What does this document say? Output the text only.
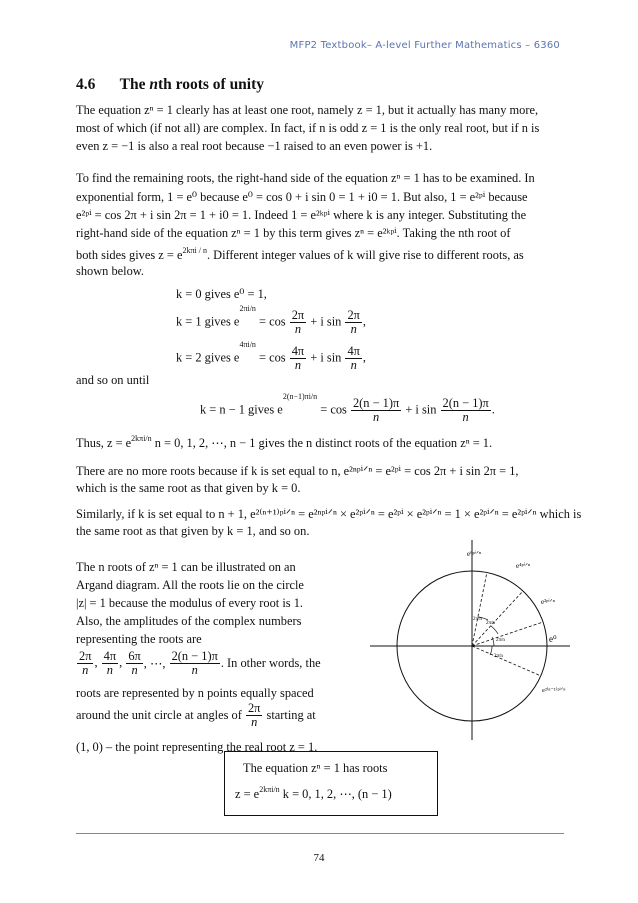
MFP2 Textbook– A-level Further Mathematics – 6360
4.6 The nth roots of unity
The equation zⁿ = 1 clearly has at least one root, namely z = 1, but it actually has many more,
most of which (if not all) are complex. In fact, if n is odd z = 1 is the only real root, but if n is
even z = −1 is also a real root because −1 raised to an even power is +1.
To find the remaining roots, the right-hand side of the equation zⁿ = 1 has to be examined. In
exponential form, 1 = e⁰ because e⁰ = cos 0 + i sin 0 = 1 + i0 = 1. But also, 1 = e²ᵖⁱ because
e²ᵖⁱ = cos 2π + i sin 2π = 1 + i0 = 1. Indeed 1 = e²ᵏᵖⁱ where k is any integer. Substituting the
right-hand side of the equation zⁿ = 1 by this term gives zⁿ = e²ᵏᵖⁱ. Taking the nth root of
both sides gives $z = e^{2k\pi i / n}$. Different integer values of k will give rise to different roots, as
shown below.
k = 0 gives e⁰ = 1,
k = 1 gives $e^{2\pi i/n} = \cos \frac{2\pi}{n} + i$ $\sin \frac{2\pi}{n}$ ,
k = 2 gives $e^{4\pi i/n} = \cos \frac{4\pi}{n} + i$ $\sin \frac{4\pi}{n}$ ,
and so on until
k = n − 1 gives $e^{2(n-1)\pi i/n} = \cos \frac{2(n - 1)\pi}{n} + i$ $\sin \frac{2(n - 1)\pi}{n}$ .
Thus, $z = e^{2k\pi i/n}$ n = 0, 1, 2, ⋯, n − 1 gives the n distinct roots of the equation zⁿ = 1.
There are no more roots because if k is set equal to n, e²ⁿᵖⁱᐟⁿ = e²ᵖⁱ = cos 2π + i sin 2π = 1,
which is the same root as that given by k = 0.
Similarly, if k is set equal to n + 1, e²⁽ⁿ⁺¹⁾ᵖⁱᐟⁿ = e²ⁿᵖⁱᐟⁿ × e²ᵖⁱᐟⁿ = e²ᵖⁱ × e²ᵖⁱᐟⁿ = 1 × e²ᵖⁱᐟⁿ = e²ᵖⁱᐟⁿ which is
the same root as that given by k = 1, and so on.
The n roots of zⁿ = 1 can be illustrated on an
Argand diagram. All the roots lie on the circle
|z| = 1 because the modulus of every root is 1.
Also, the amplitudes of the complex numbers
representing the roots are
$\frac{2\pi}{n}$ , $\frac{4\pi}{n}$ , $\frac{6\pi}{n}$ , ⋯, $\frac{2(n - 1)\pi}{n}$ . In other words, the
roots are represented by n points equally spaced
around the unit circle at angles of $\frac{2\pi}{n}$ starting at
(1, 0) – the point representing the real root z = 1.
e⁰
e²ᵖⁱᐟⁿ
e⁴ᵖⁱᐟⁿ
e⁶ᵖⁱᐟⁿ
e²⁽ⁿ⁻¹⁾ᵖⁱᐟⁿ
2π/n
2π/n
2π/n
2π/n
The equation zⁿ = 1 has roots
$z = e^{2k\pi i/n}$ k = 0, 1, 2, ⋯, (n − 1)
74
